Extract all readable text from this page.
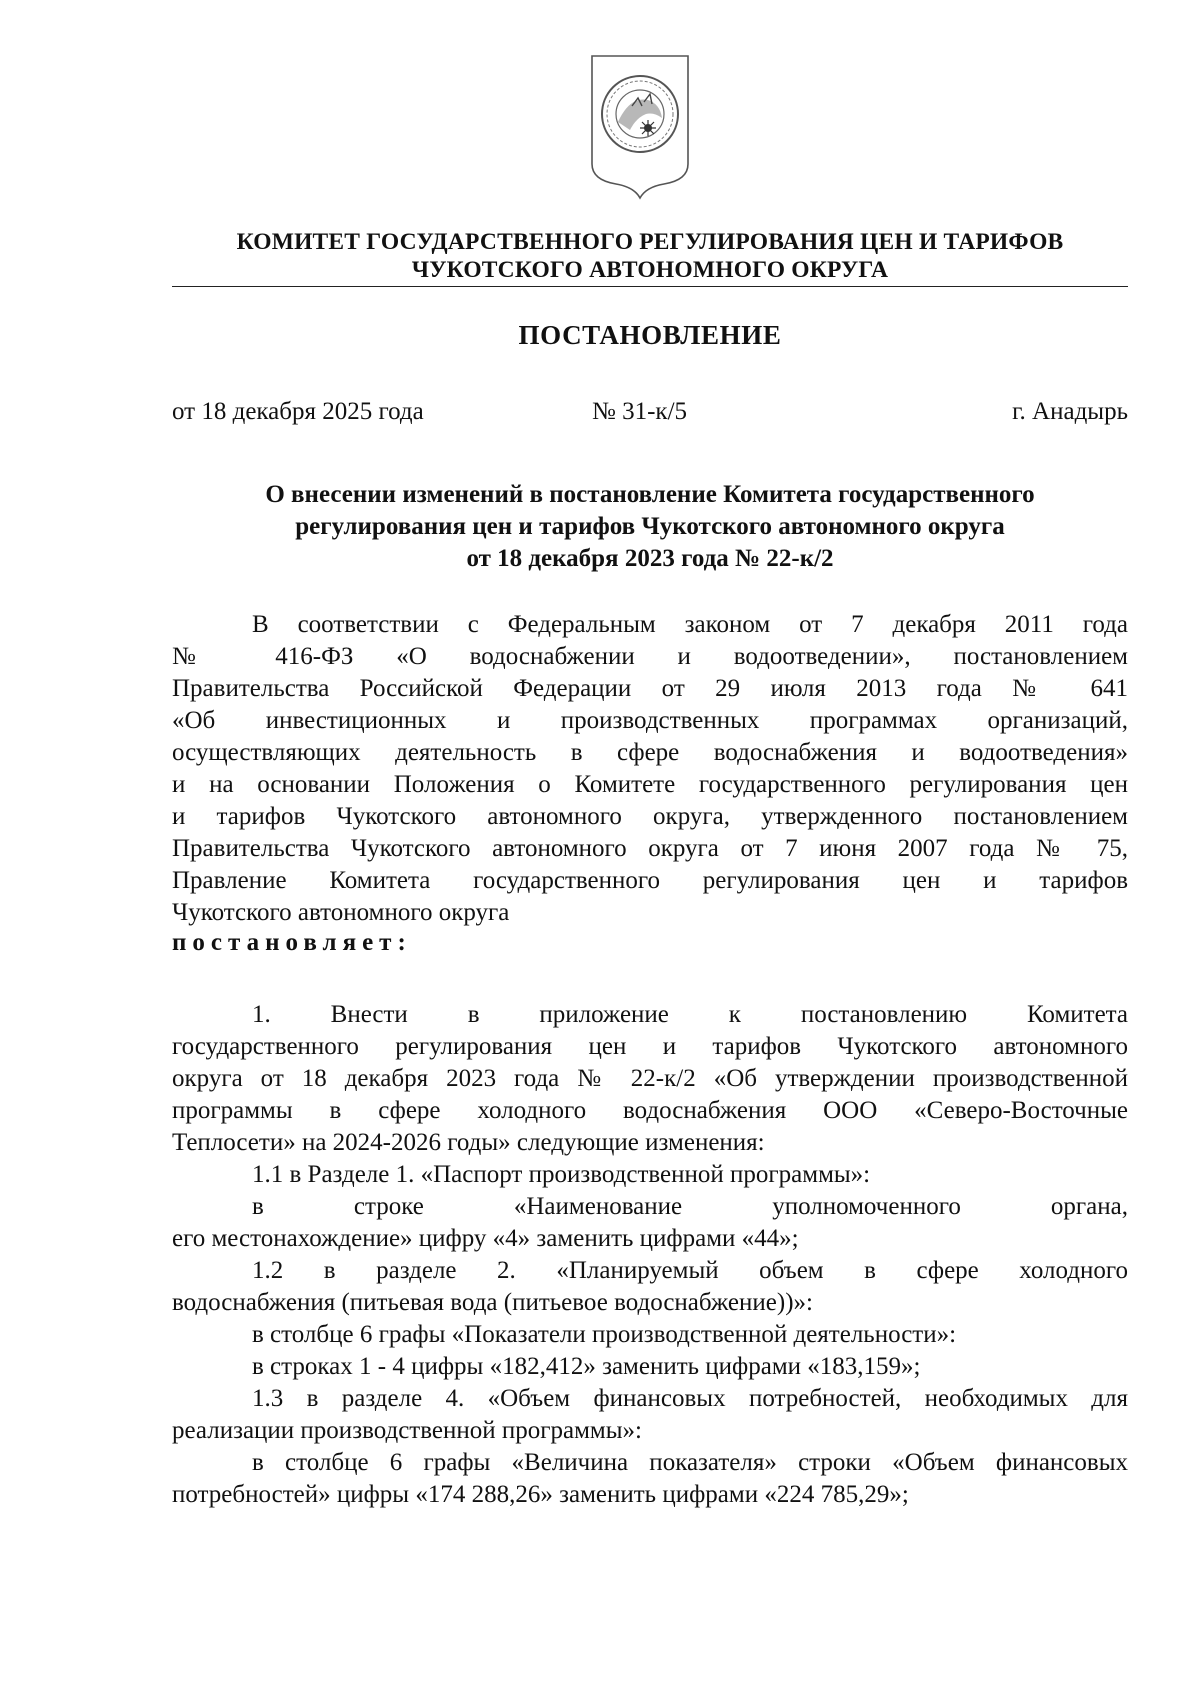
КОМИТЕТ ГОСУДАРСТВЕННОГО РЕГУЛИРОВАНИЯ ЦЕН И ТАРИФОВ
ЧУКОТСКОГО АВТОНОМНОГО ОКРУГА
ПОСТАНОВЛЕНИЕ
от 18 декабря 2025 года	№ 31-к/5	г. Анадырь
О внесении изменений в постановление Комитета государственного
регулирования цен и тарифов Чукотского автономного округа
от 18 декабря 2023 года № 22-к/2
В соответствии с Федеральным законом от 7 декабря 2011 года
№ 416-ФЗ «О водоснабжении и водоотведении», постановлением
Правительства Российской Федерации от 29 июля 2013 года № 641
«Об инвестиционных и производственных программах организаций,
осуществляющих деятельность в сфере водоснабжения и водоотведения»
и на основании Положения о Комитете государственного регулирования цен
и тарифов Чукотского автономного округа, утвержденного постановлением
Правительства Чукотского автономного округа от 7 июня 2007 года № 75,
Правление Комитета государственного регулирования цен и тарифов
Чукотского автономного округа
постановляет:
1. Внести в приложение к постановлению Комитета
государственного регулирования цен и тарифов Чукотского автономного
округа от 18 декабря 2023 года № 22-к/2 «Об утверждении производственной
программы в сфере холодного водоснабжения ООО «Северо-Восточные
Теплосети» на 2024-2026 годы» следующие изменения:
1.1 в Разделе 1. «Паспорт производственной программы»:
в строке «Наименование уполномоченного органа,
его местонахождение» цифру «4» заменить цифрами «44»;
1.2 в разделе 2. «Планируемый объем в сфере холодного
водоснабжения (питьевая вода (питьевое водоснабжение))»:
в столбце 6 графы «Показатели производственной деятельности»:
в строках 1 - 4 цифры «182,412» заменить цифрами «183,159»;
1.3 в разделе 4. «Объем финансовых потребностей, необходимых для
реализации производственной программы»:
в столбце 6 графы «Величина показателя» строки «Объем финансовых
потребностей» цифры «174 288,26» заменить цифрами «224 785,29»;
